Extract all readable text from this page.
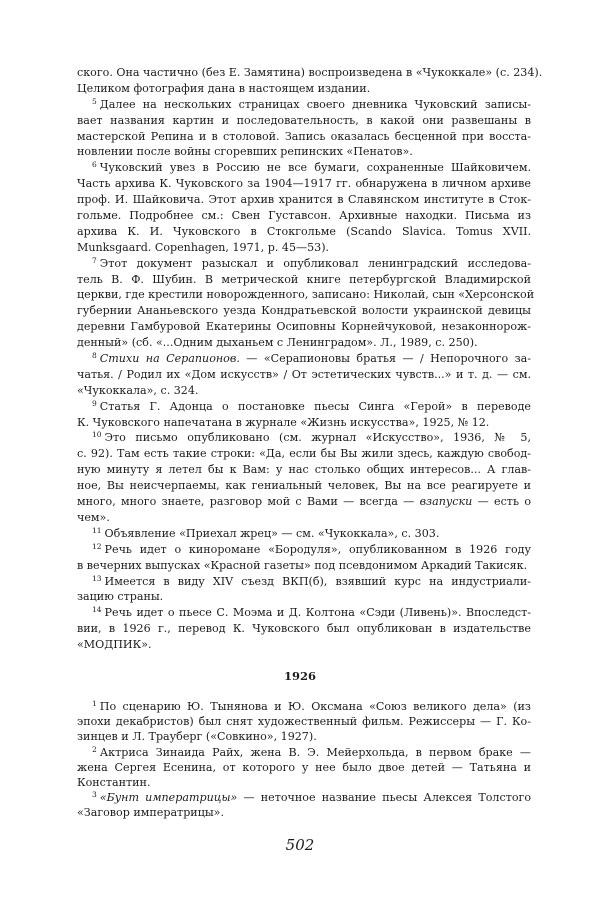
ского. Она частично (без Е. Замятина) воспроизведена в «Чукоккале» (с. 234).
Целиком фотография дана в настоящем издании.
$^5$ Далее на нескольких страницах своего дневника Чуковский записы-
вает названия картин и последовательность, в какой они развешаны в
мастерской Репина и в столовой. Запись оказалась бесценной при восста-
новлении после войны сгоревших репинских «Пенатов».
$^6$ Чуковский увез в Россию не все бумаги, сохраненные Шайковичем.
Часть архива К. Чуковского за 1904—1917 гг. обнаружена в личном архиве
проф. И. Шайковича. Этот архив хранится в Славянском институте в Сток-
гольме. Подробнее см.: Свен Густавсон. Архивные находки. Письма из
архива К. И. Чуковского в Стокгольме (Scando Slavica. Tomus XVII.
Munksgaard. Copenhagen, 1971, p. 45—53).
$^7$ Этот документ разыскал и опубликовал ленинградский исследова-
тель В. Ф. Шубин. В метрической книге петербургской Владимирской
церкви, где крестили новорожденного, записано: Николай, сын «Херсонской
губернии Ананьевского уезда Кондратьевской волости украинской девицы
деревни Гамбуровой Екатерины Осиповны Корнейчуковой, незаконнорож-
денный» (сб. «...Одним дыханьем с Ленинградом». Л., 1989, с. 250).
$^8$ Стихи на Серапионов. — «Серапионовы братья — / Непорочного за-
чатья. / Родил их «Дом искусств» / От эстетических чувств...» и т. д. — см.
«Чукоккала», с. 324.
$^9$ Статья Г. Адонца о постановке пьесы Синга «Герой» в переводе
К. Чуковского напечатана в журнале «Жизнь искусства», 1925, № 12.
$^{10}$ Это письмо опубликовано (см. журнал «Искусство», 1936, № 5,
с. 92). Там есть такие строки: «Да, если бы Вы жили здесь, каждую свобод-
ную минуту я летел бы к Вам: у нас столько общих интересов... А глав-
ное, Вы неисчерпаемы, как гениальный человек, Вы на все реагируете и
много, много знаете, разговор мой с Вами — всегда — взапуски — есть о
чем».
$^{11}$ Объявление «Приехал жрец» — см. «Чукоккала», с. 303.
$^{12}$ Речь идет о кинороманe «Бородуля», опубликованном в 1926 году
в вечерних выпусках «Красной газеты» под псевдонимом Аркадий Такисяк.
$^{13}$ Имеется в виду XIV съезд ВКП(б), взявший курс на индустриали-
зацию страны.
$^{14}$ Речь идет о пьесе С. Моэма и Д. Колтона «Сэди (Ливень)». Впоследст-
вии, в 1926 г., перевод К. Чуковского был опубликован в издательстве
«МОДПИК».
1926
$^1$ По сценарию Ю. Тынянова и Ю. Оксмана «Союз великого дела» (из
эпохи декабристов) был снят художественный фильм. Режиссеры — Г. Ко-
зинцев и Л. Трауберг («Совкино», 1927).
$^2$ Актриса Зинаида Райх, жена В. Э. Мейерхольда, в первом браке —
жена Сергея Есенина, от которого у нее было двое детей — Татьяна и
Константин.
$^3$ «Бунт императрицы» — неточное название пьесы Алексея Толстого
«Заговор императрицы».
502
